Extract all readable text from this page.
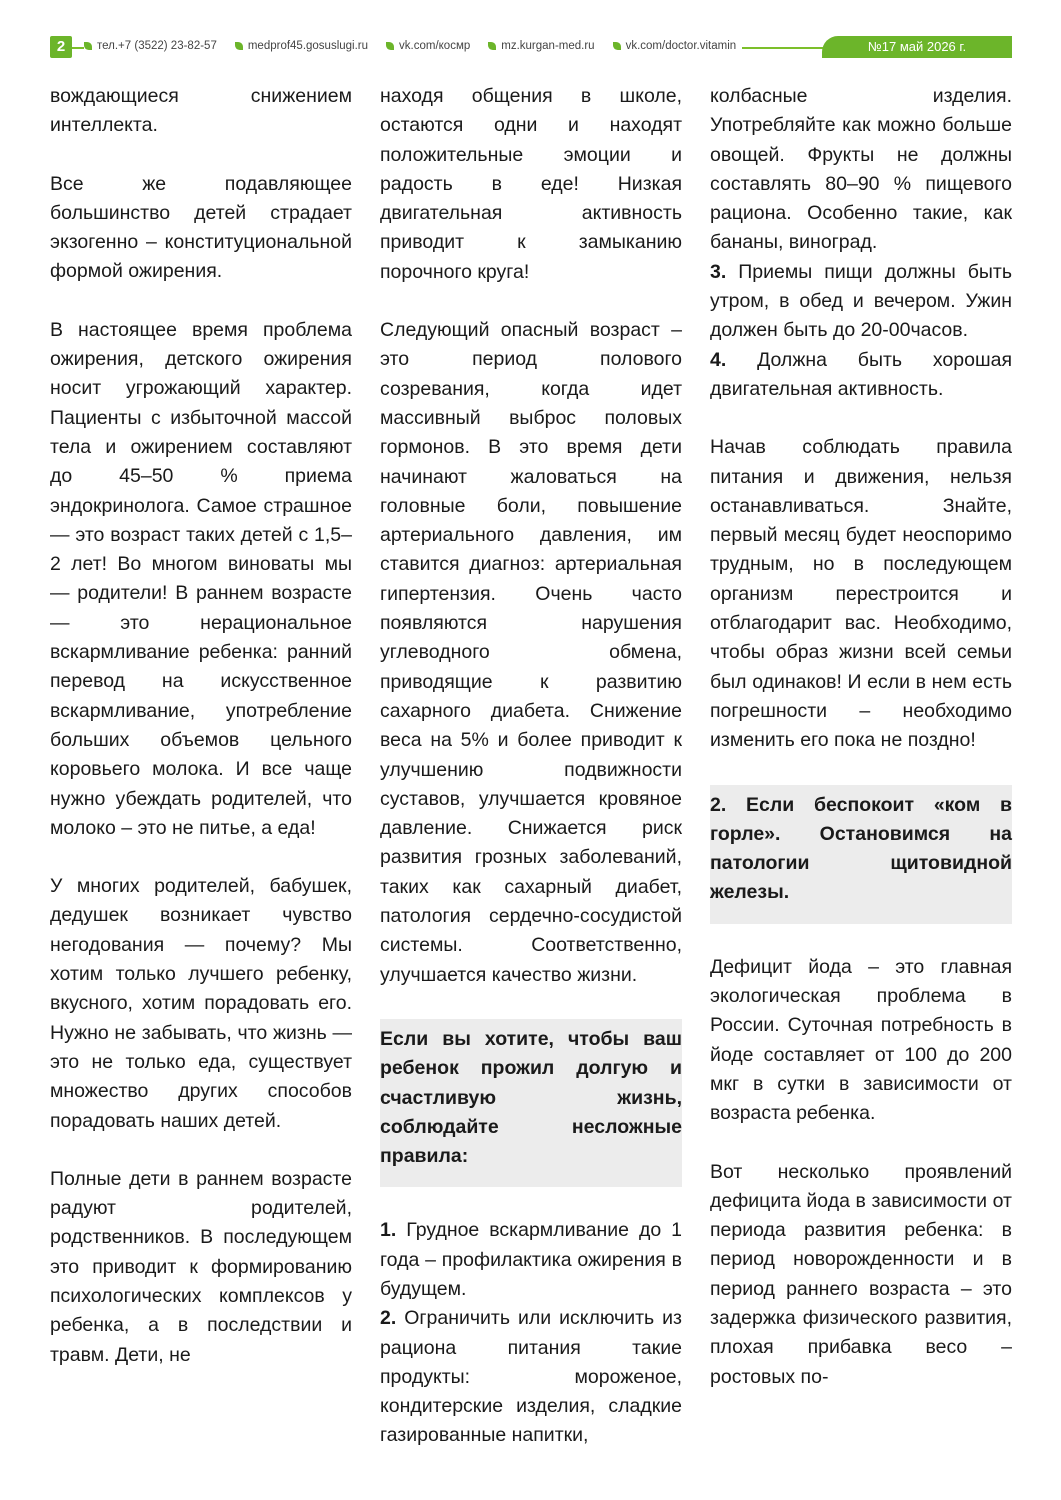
2	тел.+7 (3522) 23-82-57	medprof45.gosuslugi.ru	vk.com/космр	mz.kurgan-med.ru	vk.com/doctor.vitamin	№17 май 2026 г.

вождающиеся снижением интеллекта.

Все же подавляющее большинство детей страдает экзогенно – конституциональной формой ожирения.

В настоящее время проблема ожирения, детского ожирения носит угрожающий характер. Пациенты с избыточной массой тела и ожирением составляют до 45–50 % приема эндокринолога. Самое страшное — это возраст таких детей с 1,5–2 лет! Во многом виноваты мы — родители! В раннем возрасте — это нерациональное вскармливание ребенка: ранний перевод на искусственное вскармливание, употребление больших объемов цельного коровьего молока. И все чаще нужно убеждать родителей, что молоко – это не питье, а еда!

У многих родителей, бабушек, дедушек возникает чувство негодования — почему? Мы хотим только лучшего ребенку, вкусного, хотим порадовать его. Нужно не забывать, что жизнь — это не только еда, существует множество других способов порадовать наших детей.

Полные дети в раннем возрасте радуют родителей, родственников. В последующем это приводит к формированию психологических комплексов у ребенка, а в последствии и травм. Дети, не

находя общения в школе, остаются одни и находят положительные эмоции и радость в еде! Низкая двигательная активность приводит к замыканию порочного круга!

Следующий опасный возраст – это период полового созревания, когда идет массивный выброс половых гормонов. В это время дети начинают жаловаться на головные боли, повышение артериального давления, им ставится диагноз: артериальная гипертензия. Очень часто появляются нарушения углеводного обмена, приводящие к развитию сахарного диабета. Снижение веса на 5% и более приводит к улучшению подвижности суставов, улучшается кровяное давление. Снижается риск развития грозных заболеваний, таких как сахарный диабет, патология сердечно-сосудистой системы. Соответственно, улучшается качество жизни.

Если вы хотите, чтобы ваш ребенок прожил долгую и счастливую жизнь, соблюдайте несложные правила:

1. Грудное вскармливание до 1 года – профилактика ожирения в будущем.

2. Ограничить или исключить из рациона питания такие продукты: мороженое, кондитерские изделия, сладкие газированные напитки,

колбасные изделия. Употребляйте как можно больше овощей. Фрукты не должны составлять 80–90 % пищевого рациона. Особенно такие, как бананы, виноград.

3. Приемы пищи должны быть утром, в обед и вечером. Ужин должен быть до 20-00часов.

4. Должна быть хорошая двигательная активность.

Начав соблюдать правила питания и движения, нельзя останавливаться. Знайте, первый месяц будет неоспоримо трудным, но в последующем организм перестроится и отблагодарит вас. Необходимо, чтобы образ жизни всей семьи был одинаков! И если в нем есть погрешности – необходимо изменить его пока не поздно!

2. Если беспокоит «ком в горле». Остановимся на патологии щитовидной железы.

Дефицит йода – это главная экологическая проблема в России. Суточная потребность в йоде составляет от 100 до 200 мкг в сутки в зависимости от возраста ребенка.

Вот несколько проявлений дефицита йода в зависимости от периода развития ребенка: в период новорожденности и в период раннего возраста – это задержка физического развития, плохая прибавка весо – ростовых по-
